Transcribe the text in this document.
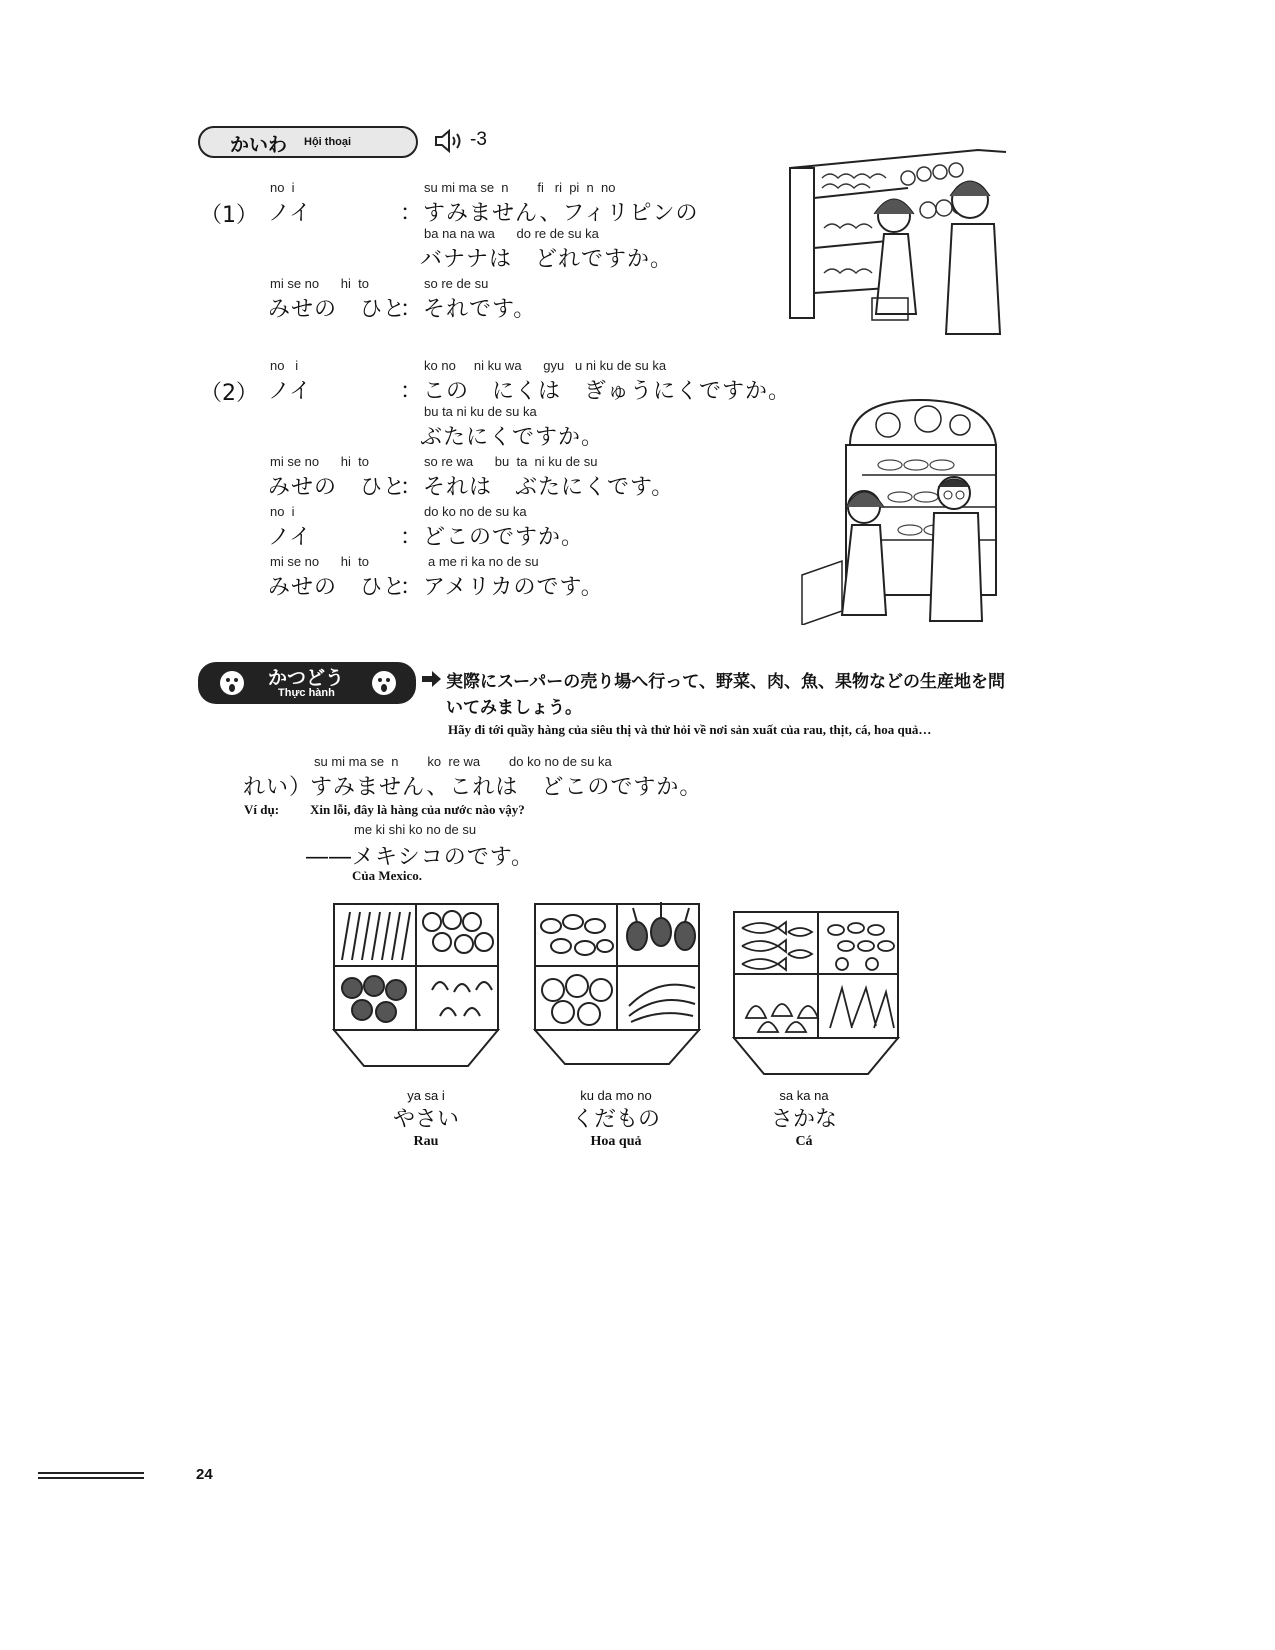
かいわ Hội thoại	-3
（1）
no  i
ノイ
su mi ma se  n        fi   ri  pi  n  no
：すみません、フィリピンの
ba na na wa      do re de su ka
バナナは　どれですか。
mi se no      hi  to
みせの　ひと
so re de su
：それです。
（2）
no   i
ノイ
ko no     ni ku wa      gyu   u ni ku de su ka
：この　にくは　ぎゅうにくですか。
bu ta ni ku de su ka
ぶたにくですか。
mi se no      hi  to
みせの　ひと
so re wa      bu  ta  ni ku de su
：それは　ぶたにくです。
no  i
ノイ
do ko no de su ka
：どこのですか。
mi se no      hi  to
みせの　ひと
a me ri ka no de su
：アメリカのです。
かつどう
Thực hành
実際にスーパーの売り場へ行って、野菜、肉、魚、果物などの生産地を問
いてみましょう。
Hãy đi tới quầy hàng của siêu thị và thử hỏi về nơi sản xuất của rau, thịt, cá, hoa quả…
su mi ma se  n        ko  re wa        do ko no de su ka
れい）
すみません、これは　どこのですか。
Ví dụ: Xin lỗi, đây là hàng của nước nào vậy?
me ki shi ko no de su
――メキシコのです。
Của Mexico.
ya sa i
やさい
Rau
ku da mo no
くだもの
Hoa quả
sa ka na
さかな
Cá
24
